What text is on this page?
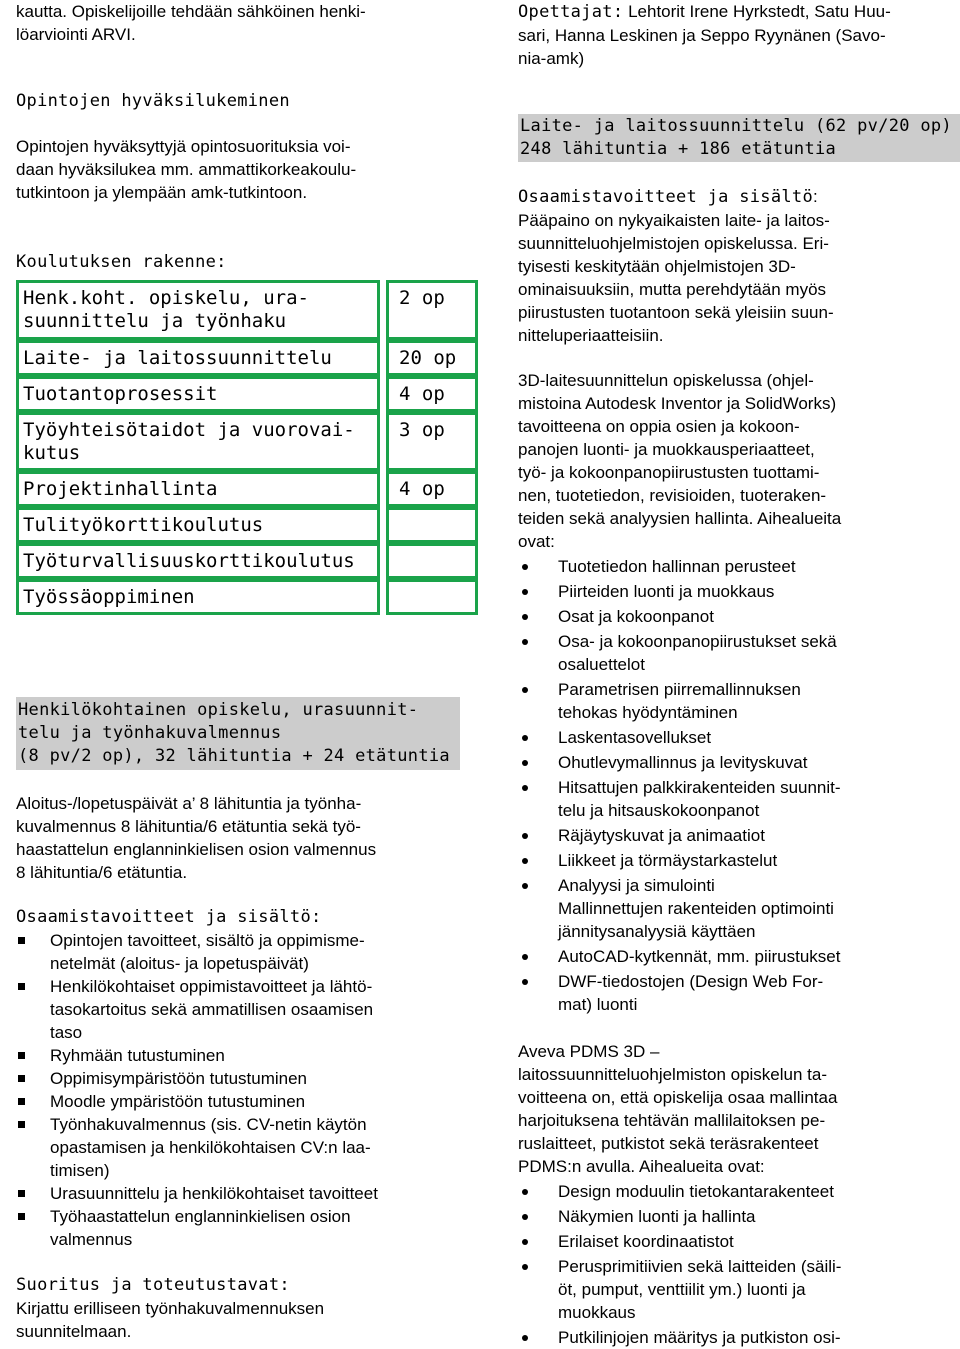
kautta. Opiskelijoille tehdään sähköinen henki-

löarviointi ARVI.

Opintojen hyväksilukeminen

Opintojen hyväksyttyjä opintosuorituksia voi-

daan hyväksilukea mm. ammattikorkeakoulu-

tutkintoon ja ylempään amk-tutkintoon.

Koulutuksen rakenne:

Henk.koht. opiskelu, ura-
suunnittelu ja työnhaku		2 op

Laite- ja laitossuunnittelu		20 op

Tuotantoprosessit		4 op

Työyhteisötaidot ja vuorovai-
kutus		3 op

Projektinhallinta		4 op

Tulityökorttikoulutus		

Työturvallisuuskorttikoulutus		

Työssäoppiminen		

Henkilökohtainen opiskelu, urasuunnit-
telu ja työnhakuvalmennus
(8 pv/2 op), 32 lähituntia + 24 etätuntia

Aloitus-/lopetuspäivät a’ 8 lähituntia ja työnha-

kuvalmennus 8 lähituntia/6 etätuntia sekä työ-

haastattelun englanninkielisen osion valmennus

8 lähituntia/6 etätuntia.

Osaamistavoitteet ja sisältö:

Opintojen tavoitteet, sisältö ja oppimisme-
netelmät (aloitus- ja lopetuspäivät)
Henkilökohtaiset oppimistavoitteet ja lähtö-
tasokartoitus sekä ammatillisen osaamisen
taso
Ryhmään tutustuminen
Oppimisympäristöön tutustuminen
Moodle ympäristöön tutustuminen
Työnhakuvalmennus (sis. CV-netin käytön
opastamisen ja henkilökohtaisen CV:n laa-
timisen)
Urasuunnittelu ja henkilökohtaiset tavoitteet
Työhaastattelun englanninkielisen osion
valmennus

Suoritus ja toteutustavat:

Kirjattu erilliseen työnhakuvalmennuksen

suunnitelmaan.

Opettajat: Lehtorit Irene Hyrkstedt, Satu Huu-

sari, Hanna Leskinen ja Seppo Ryynänen (Savo-

nia-amk)

Laite- ja laitossuunnittelu (62 pv/20 op)
248 lähituntia + 186 etätuntia

Osaamistavoitteet ja sisältö:

Pääpaino on nykyaikaisten laite- ja laitos-

suunnitteluohjelmistojen opiskelussa. Eri-

tyisesti keskitytään ohjelmistojen 3D-

ominaisuuksiin, mutta perehdytään myös

piirustusten tuotantoon sekä yleisiin suun-

nitteluperiaatteisiin.

3D-laitesuunnittelun opiskelussa (ohjel-

mistoina Autodesk Inventor ja SolidWorks)

tavoitteena on oppia osien ja kokoon-

panojen luonti- ja muokkausperiaatteet,

työ- ja kokoonpanopiirustusten tuottami-

nen, tuotetiedon, revisioiden, tuoteraken-

teiden sekä analyysien hallinta. Aihealueita

ovat:

Tuotetiedon hallinnan perusteet
Piirteiden luonti ja muokkaus
Osat ja kokoonpanot
Osa- ja kokoonpanopiirustukset sekä
osaluettelot
Parametrisen piirremallinnuksen
tehokas hyödyntäminen
Laskentasovellukset
Ohutlevymallinnus ja levityskuvat
Hitsattujen palkkirakenteiden suunnit-
telu ja hitsauskokoonpanot
Räjäytyskuvat ja animaatiot
Liikkeet ja törmäystarkastelut
Analyysi ja simulointi
Mallinnettujen rakenteiden optimointi
jännitysanalyysiä käyttäen
AutoCAD-kytkennät, mm. piirustukset
DWF-tiedostojen (Design Web For-
mat) luonti

Aveva PDMS 3D –

laitossuunnitteluohjelmiston opiskelun ta-

voitteena on, että opiskelija osaa mallintaa

harjoituksena tehtävän mallilaitoksen pe-

ruslaitteet, putkistot sekä teräsrakenteet

PDMS:n avulla. Aihealueita ovat:

Design moduulin tietokantarakenteet
Näkymien luonti ja hallinta
Erilaiset koordinaatistot
Perusprimitiivien sekä laitteiden (säili-
öt, pumput, venttiilit ym.) luonti ja
muokkaus
Putkilinjojen määritys ja putkiston osi-
